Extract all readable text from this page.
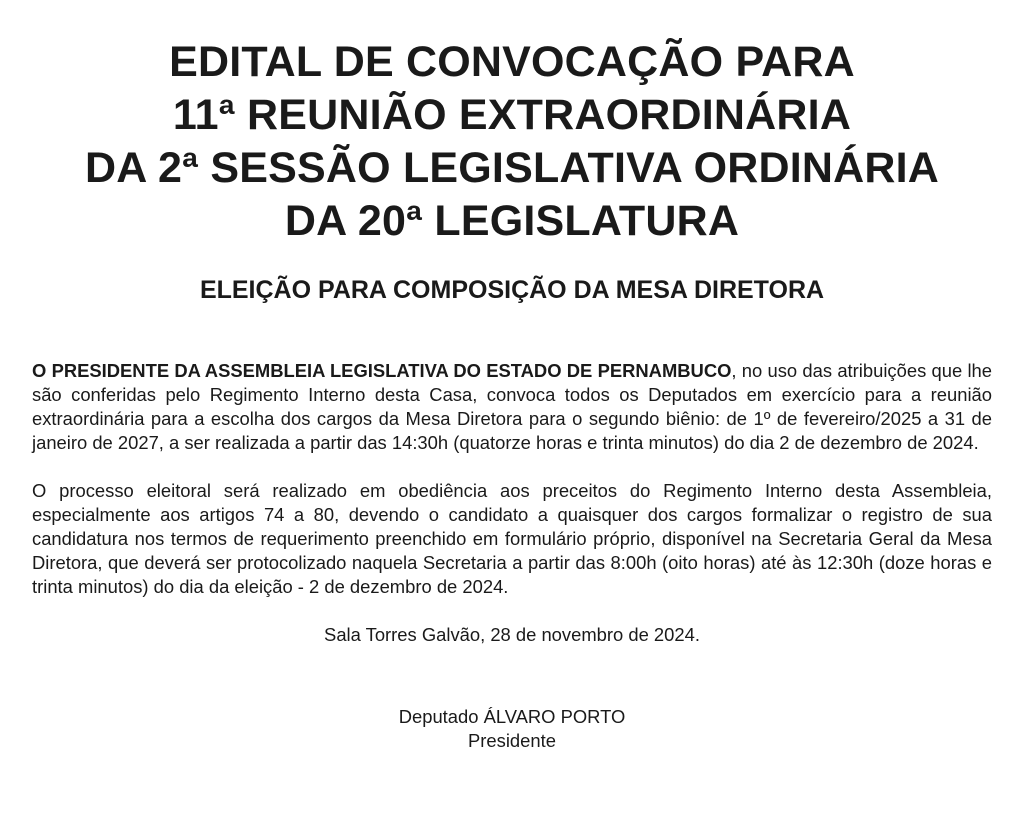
EDITAL DE CONVOCAÇÃO PARA
11ª REUNIÃO EXTRAORDINÁRIA
DA 2ª SESSÃO LEGISLATIVA ORDINÁRIA
DA 20ª LEGISLATURA
ELEIÇÃO PARA COMPOSIÇÃO DA MESA DIRETORA

O PRESIDENTE DA ASSEMBLEIA LEGISLATIVA DO ESTADO DE PERNAMBUCO, no uso das atribuições que lhe são conferidas pelo Regimento Interno desta Casa, convoca todos os Deputados em exercício para a reunião extraordinária para a escolha dos cargos da Mesa Diretora para o segundo biênio: de 1º de fevereiro/2025 a 31 de janeiro de 2027, a ser realizada a partir das 14:30h (quatorze horas e trinta minutos) do dia 2 de dezembro de 2024.

O processo eleitoral será realizado em obediência aos preceitos do Regimento Interno desta Assembleia, especialmente aos artigos 74 a 80, devendo o candidato a quaisquer dos cargos formalizar o registro de sua candidatura nos termos de requerimento preenchido em formulário próprio, disponível na Secretaria Geral da Mesa Diretora, que deverá ser protocolizado naquela Secretaria a partir das 8:00h (oito horas) até às 12:30h (doze horas e trinta minutos) do dia da eleição - 2 de dezembro de 2024.

Sala Torres Galvão, 28 de novembro de 2024.

Deputado ÁLVARO PORTO
Presidente
